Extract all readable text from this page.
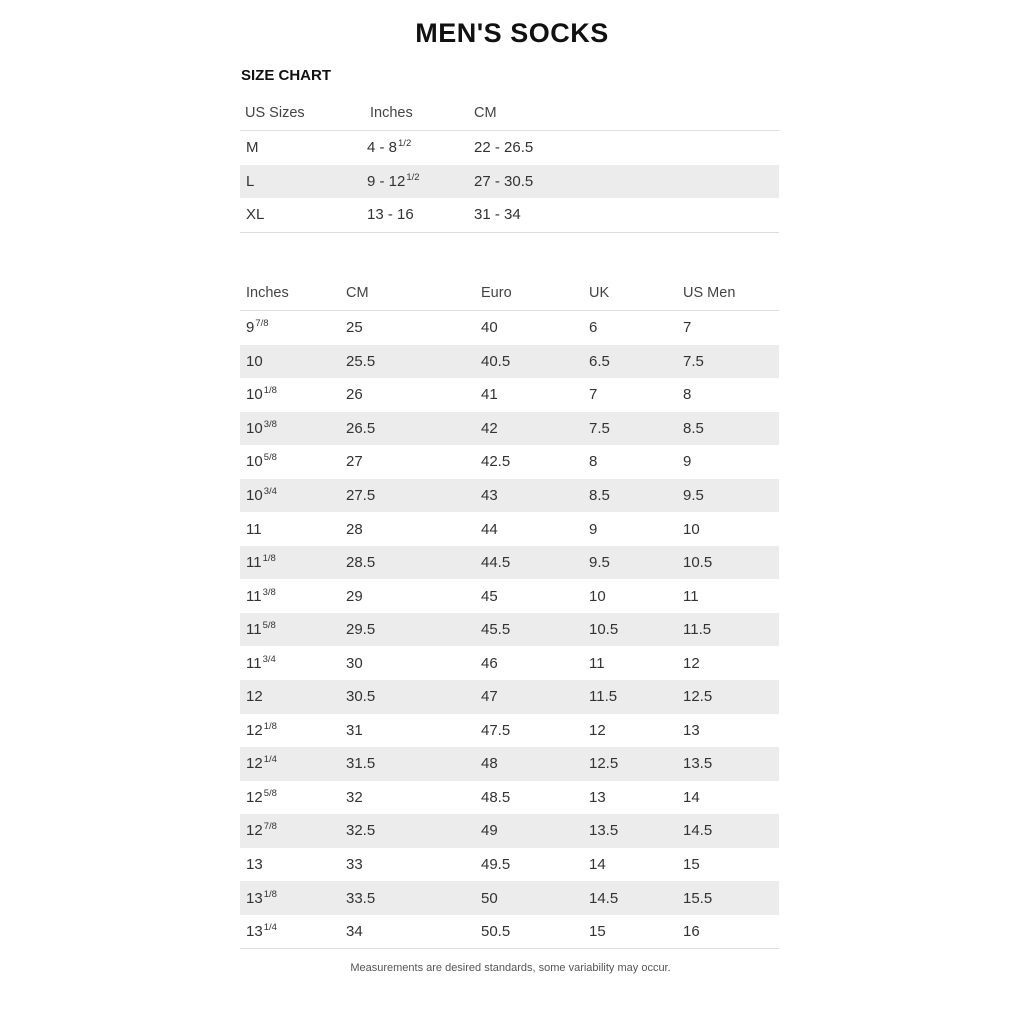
MEN'S SOCKS
SIZE CHART
US Sizes	Inches	CM
M	$4 - 8^{1/2}$	22 - 26.5
L	$9 - 12^{1/2}$	27 - 30.5
XL	13 - 16	31 - 34
Inches	CM	Euro	UK	US Men
$9^{7/8}$	25	40	6	7
10	25.5	40.5	6.5	7.5
$10^{1/8}$	26	41	7	8
$10^{3/8}$	26.5	42	7.5	8.5
$10^{5/8}$	27	42.5	8	9
$10^{3/4}$	27.5	43	8.5	9.5
11	28	44	9	10
$11^{1/8}$	28.5	44.5	9.5	10.5
$11^{3/8}$	29	45	10	11
$11^{5/8}$	29.5	45.5	10.5	11.5
$11^{3/4}$	30	46	11	12
12	30.5	47	11.5	12.5
$12^{1/8}$	31	47.5	12	13
$12^{1/4}$	31.5	48	12.5	13.5
$12^{5/8}$	32	48.5	13	14
$12^{7/8}$	32.5	49	13.5	14.5
13	33	49.5	14	15
$13^{1/8}$	33.5	50	14.5	15.5
$13^{1/4}$	34	50.5	15	16
Measurements are desired standards, some variability may occur.
